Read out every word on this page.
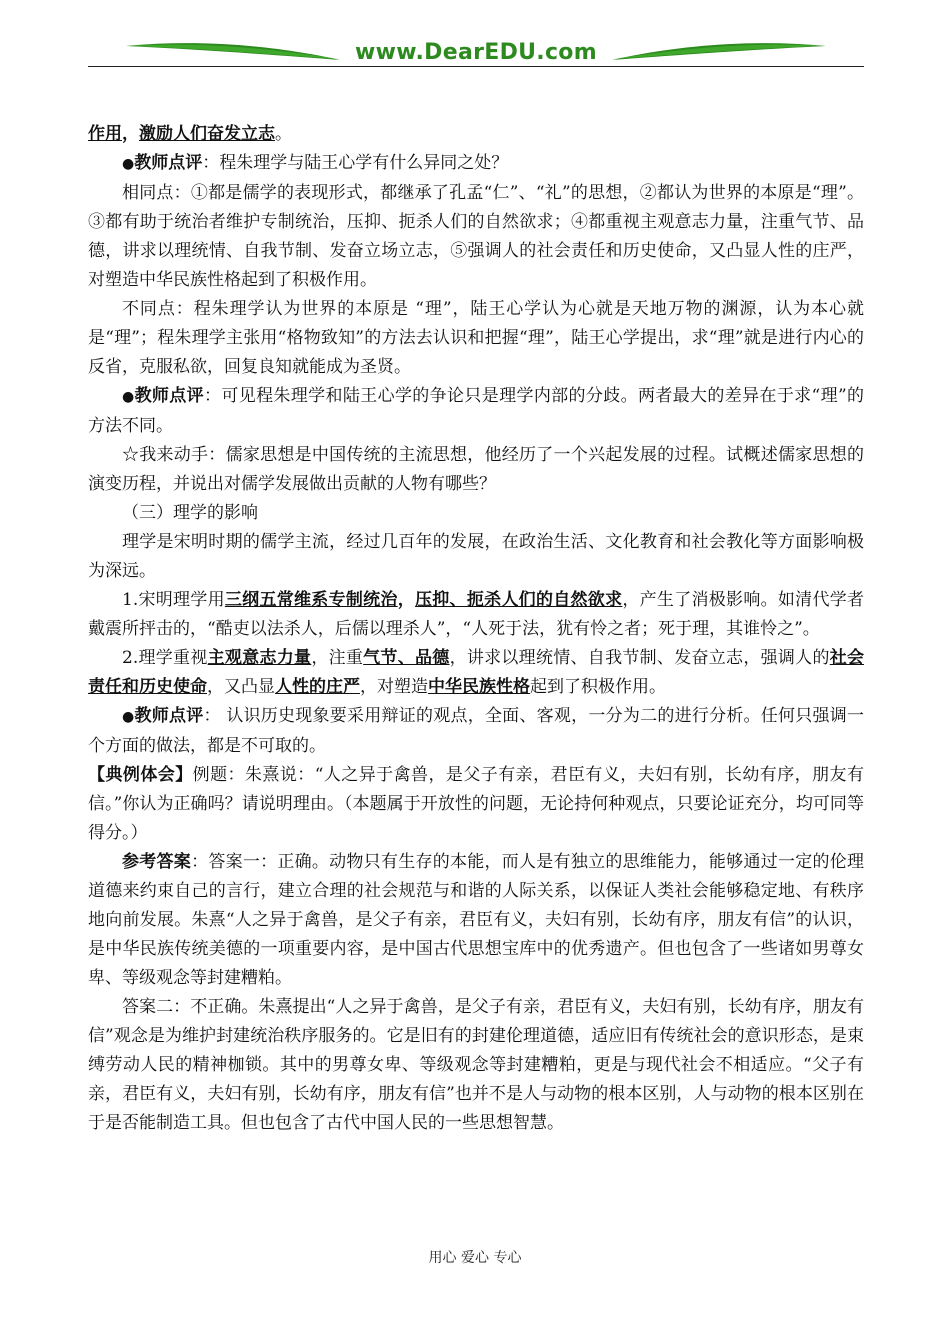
www.DearEDU.com

作用，激励人们奋发立志。

●教师点评：程朱理学与陆王心学有什么异同之处？

相同点：①都是儒学的表现形式，都继承了孔孟“仁”、“礼”的思想，②都认为世界的本原是“理”。③都有助于统治者维护专制统治，压抑、扼杀人们的自然欲求；④都重视主观意志力量，注重气节、品德，讲求以理统情、自我节制、发奋立场立志，⑤强调人的社会责任和历史使命，又凸显人性的庄严，对塑造中华民族性格起到了积极作用。

不同点：程朱理学认为世界的本原是 “理”，陆王心学认为心就是天地万物的渊源，认为本心就是“理”；程朱理学主张用“格物致知”的方法去认识和把握“理”，陆王心学提出，求“理”就是进行内心的反省，克服私欲，回复良知就能成为圣贤。

●教师点评：可见程朱理学和陆王心学的争论只是理学内部的分歧。两者最大的差异在于求“理”的方法不同。

☆我来动手：儒家思想是中国传统的主流思想，他经历了一个兴起发展的过程。试概述儒家思想的演变历程，并说出对儒学发展做出贡献的人物有哪些？

（三）理学的影响

理学是宋明时期的儒学主流，经过几百年的发展，在政治生活、文化教育和社会教化等方面影响极为深远。

1.宋明理学用三纲五常维系专制统治，压抑、扼杀人们的自然欲求，产生了消极影响。如清代学者戴震所抨击的，“酷吏以法杀人，后儒以理杀人”，“人死于法，犹有怜之者；死于理，其谁怜之”。

2.理学重视主观意志力量，注重气节、品德，讲求以理统情、自我节制、发奋立志，强调人的社会责任和历史使命，又凸显人性的庄严，对塑造中华民族性格起到了积极作用。

●教师点评： 认识历史现象要采用辩证的观点，全面、客观，一分为二的进行分析。任何只强调一个方面的做法，都是不可取的。

【典例体会】例题：朱熹说：“人之异于禽兽，是父子有亲，君臣有义，夫妇有别，长幼有序，朋友有信。”你认为正确吗？请说明理由。（本题属于开放性的问题，无论持何种观点，只要论证充分，均可同等得分。）

参考答案：答案一：正确。动物只有生存的本能，而人是有独立的思维能力，能够通过一定的伦理道德来约束自己的言行，建立合理的社会规范与和谐的人际关系，以保证人类社会能够稳定地、有秩序地向前发展。朱熹“人之异于禽兽，是父子有亲，君臣有义，夫妇有别，长幼有序，朋友有信”的认识，是中华民族传统美德的一项重要内容，是中国古代思想宝库中的优秀遗产。但也包含了一些诸如男尊女卑、等级观念等封建糟粕。

答案二：不正确。朱熹提出“人之异于禽兽，是父子有亲，君臣有义，夫妇有别，长幼有序，朋友有信”观念是为维护封建统治秩序服务的。它是旧有的封建伦理道德，适应旧有传统社会的意识形态，是束缚劳动人民的精神枷锁。其中的男尊女卑、等级观念等封建糟粕，更是与现代社会不相适应。“父子有亲，君臣有义，夫妇有别，长幼有序，朋友有信”也并不是人与动物的根本区别，人与动物的根本区别在于是否能制造工具。但也包含了古代中国人民的一些思想智慧。

用心 爱心 专心
